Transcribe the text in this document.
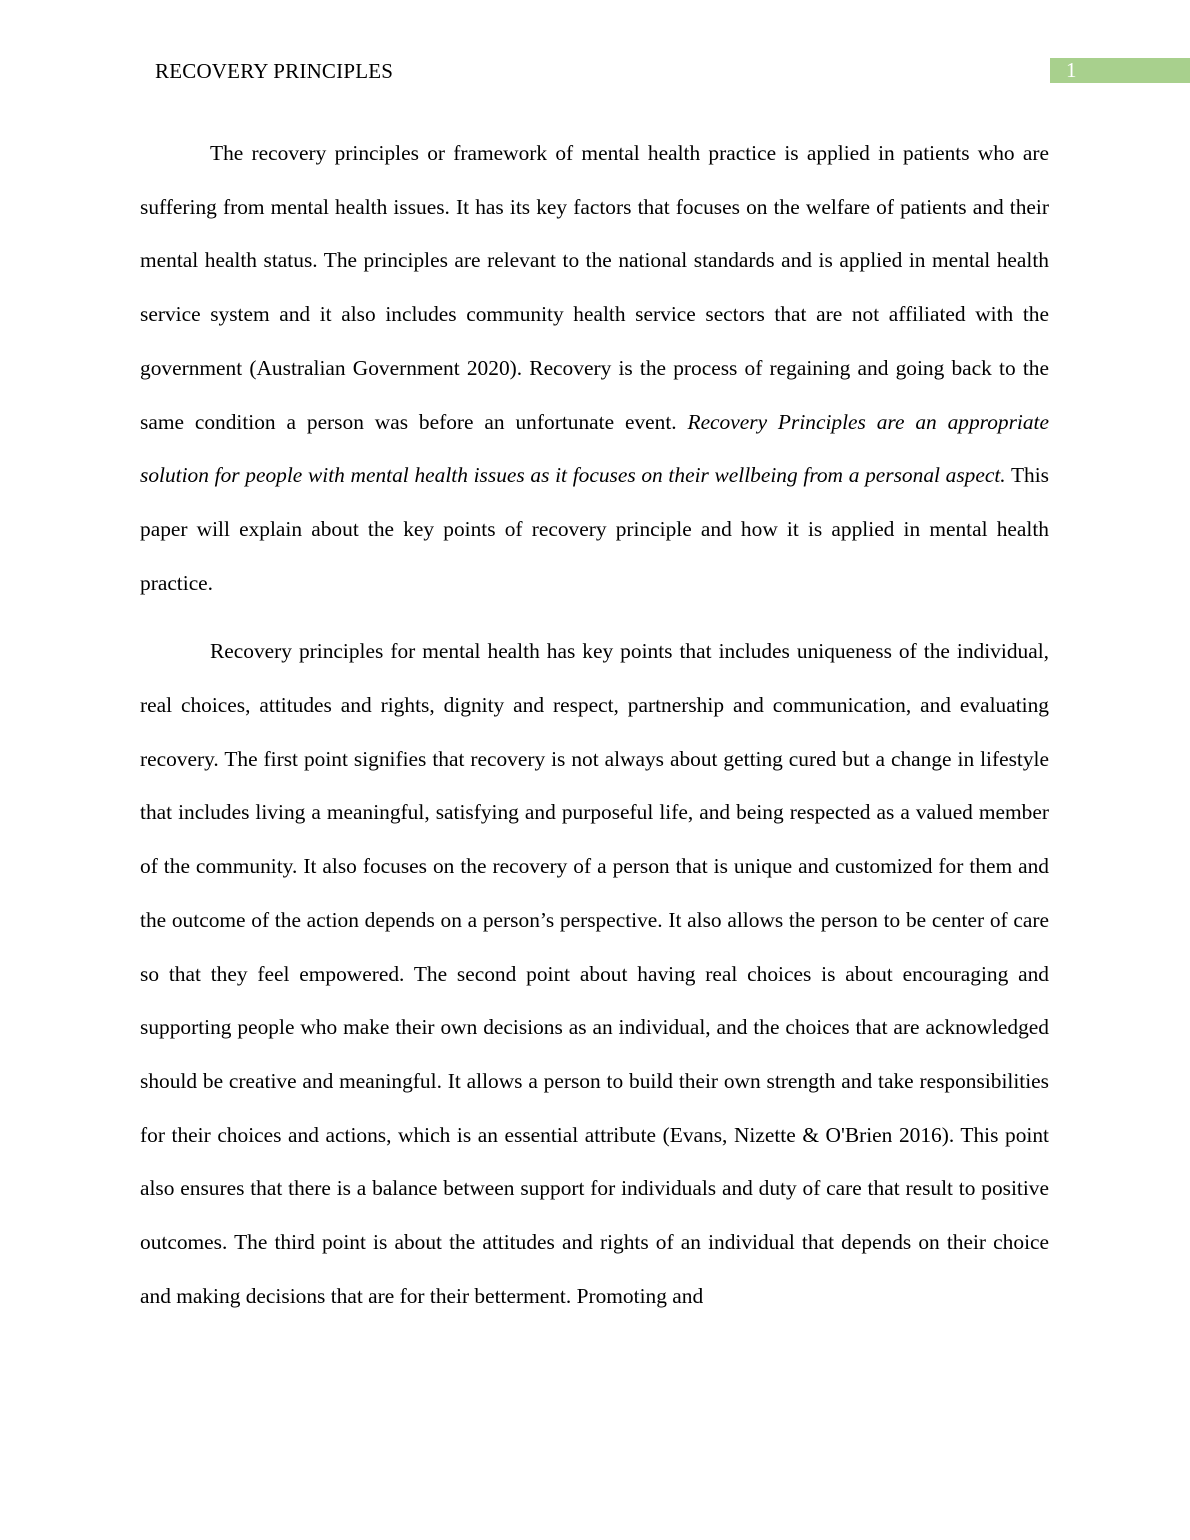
RECOVERY PRINCIPLES	1

The recovery principles or framework of mental health practice is applied in patients who are suffering from mental health issues. It has its key factors that focuses on the welfare of patients and their mental health status. The principles are relevant to the national standards and is applied in mental health service system and it also includes community health service sectors that are not affiliated with the government (Australian Government 2020). Recovery is the process of regaining and going back to the same condition a person was before an unfortunate event. Recovery Principles are an appropriate solution for people with mental health issues as it focuses on their wellbeing from a personal aspect. This paper will explain about the key points of recovery principle and how it is applied in mental health practice.

Recovery principles for mental health has key points that includes uniqueness of the individual, real choices, attitudes and rights, dignity and respect, partnership and communication, and evaluating recovery. The first point signifies that recovery is not always about getting cured but a change in lifestyle that includes living a meaningful, satisfying and purposeful life, and being respected as a valued member of the community. It also focuses on the recovery of a person that is unique and customized for them and the outcome of the action depends on a person’s perspective. It also allows the person to be center of care so that they feel empowered. The second point about having real choices is about encouraging and supporting people who make their own decisions as an individual, and the choices that are acknowledged should be creative and meaningful. It allows a person to build their own strength and take responsibilities for their choices and actions, which is an essential attribute (Evans, Nizette & O'Brien 2016). This point also ensures that there is a balance between support for individuals and duty of care that result to positive outcomes. The third point is about the attitudes and rights of an individual that depends on their choice and making decisions that are for their betterment. Promoting and
